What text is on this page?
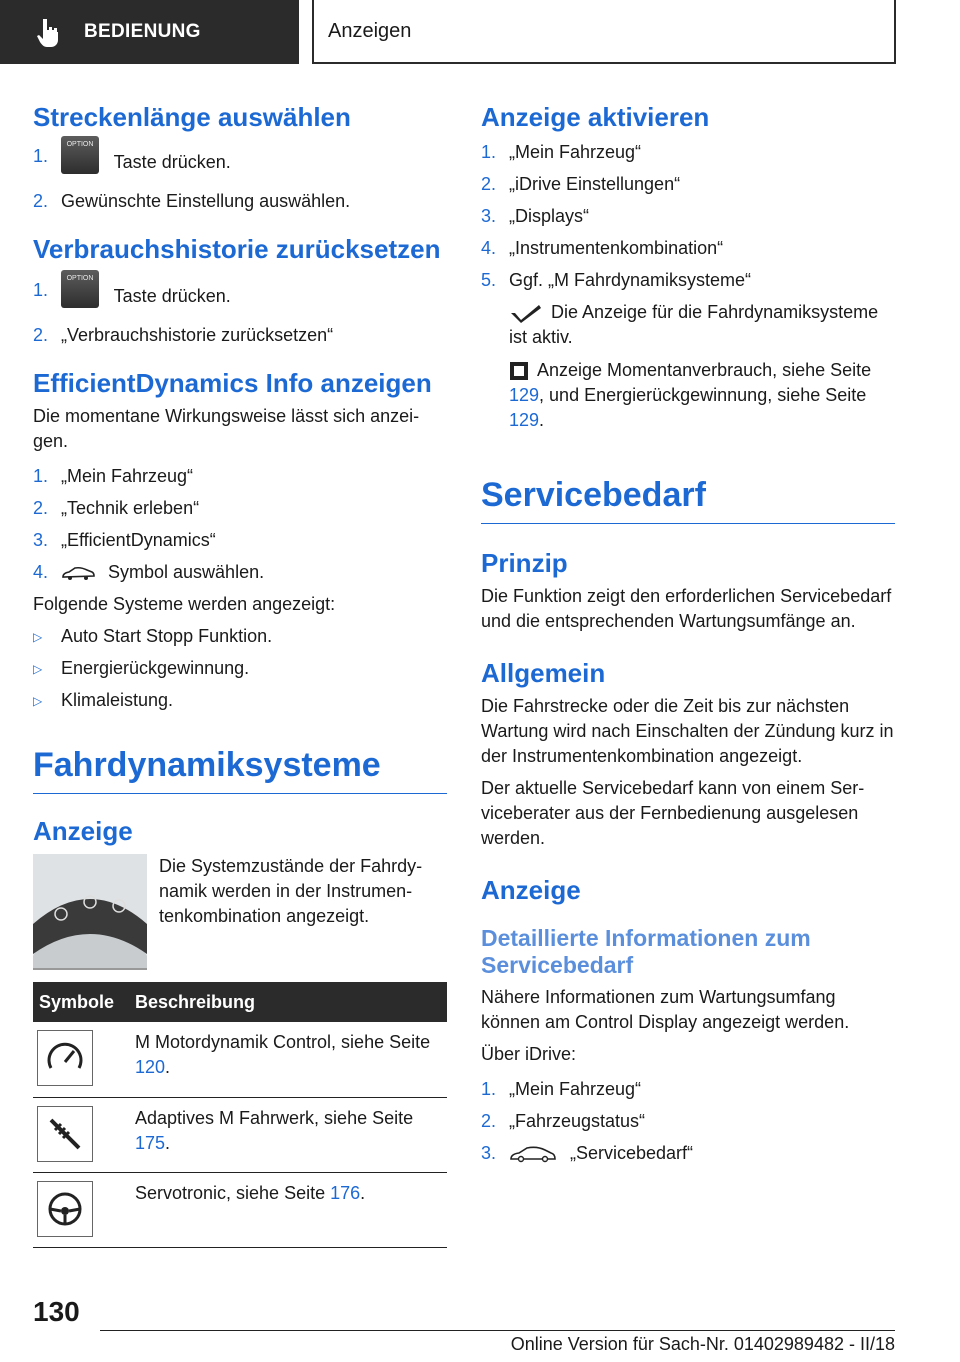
BEDIENUNG	Anzeigen
Streckenlänge auswählen
1.
OPTION Taste drücken.
2. Gewünschte Einstellung auswählen.
Verbrauchshistorie zurücksetzen
1.
OPTION Taste drücken.
2. „Verbrauchshistorie zurücksetzen“
EfficientDynamics Info anzeigen

Die momentane Wirkungsweise lässt sich anzeigen.

1. „Mein Fahrzeug“
2. „Technik erleben“
3. „EfficientDynamics“
4.	Symbol auswählen.

Folgende Systeme werden angezeigt:

▷ Auto Start Stopp Funktion.
▷ Energierückgewinnung.
▷ Klimaleistung.
Fahrdynamiksysteme
Anzeige

Die Systemzustände der Fahrdynamik werden in der Instrumentenkombination angezeigt.

Symbole	Beschreibung

	M Motordynamik Control, siehe Seite 120.

	Adaptives M Fahrwerk, siehe Seite 175.

	Servotronic, siehe Seite 176.
Anzeige aktivieren
1. „Mein Fahrzeug“
2. „iDrive Einstellungen“
3. „Displays“
4. „Instrumentenkombination“
5. Ggf. „M Fahrdynamiksysteme“

Die Anzeige für die Fahrdynamiksysteme ist aktiv.

Anzeige Momentanverbrauch, siehe Seite 129, und Energierückgewinnung, siehe Seite 129.

Servicebedarf
Prinzip

Die Funktion zeigt den erforderlichen Servicebedarf und die entsprechenden Wartungsumfänge an.

Allgemein

Die Fahrstrecke oder die Zeit bis zur nächsten Wartung wird nach Einschalten der Zündung kurz in der Instrumentenkombination angezeigt.

Der aktuelle Servicebedarf kann von einem Serviceberater aus der Fernbedienung ausgelesen werden.

Anzeige
Detaillierte Informationen zum Servicebedarf

Nähere Informationen zum Wartungsumfang können am Control Display angezeigt werden.

Über iDrive:

1. „Mein Fahrzeug“
2. „Fahrzeugstatus“
3.	„Servicebedarf“
130
Online Version für Sach-Nr. 01402989482 - II/18
